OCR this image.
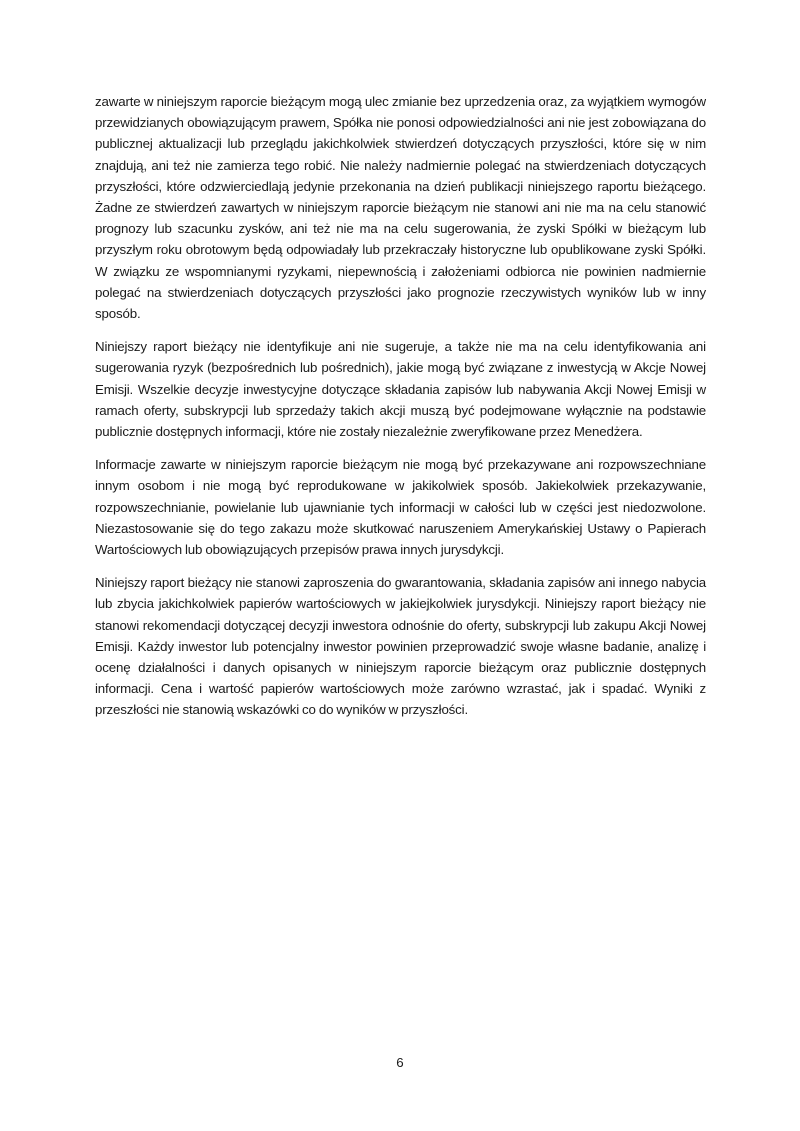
zawarte w niniejszym raporcie bieżącym mogą ulec zmianie bez uprzedzenia oraz, za wyjątkiem wymogów przewidzianych obowiązującym prawem, Spółka nie ponosi odpowiedzialności ani nie jest zobowiązana do publicznej aktualizacji lub przeglądu jakichkolwiek stwierdzeń dotyczących przyszłości, które się w nim znajdują, ani też nie zamierza tego robić. Nie należy nadmiernie polegać na stwierdzeniach dotyczących przyszłości, które odzwierciedlają jedynie przekonania na dzień publikacji niniejszego raportu bieżącego. Żadne ze stwierdzeń zawartych w niniejszym raporcie bieżącym nie stanowi ani nie ma na celu stanowić prognozy lub szacunku zysków, ani też nie ma na celu sugerowania, że zyski Spółki w bieżącym lub przyszłym roku obrotowym będą odpowiadały lub przekraczały historyczne lub opublikowane zyski Spółki. W związku ze wspomnianymi ryzykami, niepewnością i założeniami odbiorca nie powinien nadmiernie polegać na stwierdzeniach dotyczących przyszłości jako prognozie rzeczywistych wyników lub w inny sposób.

Niniejszy raport bieżący nie identyfikuje ani nie sugeruje, a także nie ma na celu identyfikowania ani sugerowania ryzyk (bezpośrednich lub pośrednich), jakie mogą być związane z inwestycją w Akcje Nowej Emisji. Wszelkie decyzje inwestycyjne dotyczące składania zapisów lub nabywania Akcji Nowej Emisji w ramach oferty, subskrypcji lub sprzedaży takich akcji muszą być podejmowane wyłącznie na podstawie publicznie dostępnych informacji, które nie zostały niezależnie zweryfikowane przez Menedżera.

Informacje zawarte w niniejszym raporcie bieżącym nie mogą być przekazywane ani rozpowszechniane innym osobom i nie mogą być reprodukowane w jakikolwiek sposób. Jakiekolwiek przekazywanie, rozpowszechnianie, powielanie lub ujawnianie tych informacji w całości lub w części jest niedozwolone. Niezastosowanie się do tego zakazu może skutkować naruszeniem Amerykańskiej Ustawy o Papierach Wartościowych lub obowiązujących przepisów prawa innych jurysdykcji.

Niniejszy raport bieżący nie stanowi zaproszenia do gwarantowania, składania zapisów ani innego nabycia lub zbycia jakichkolwiek papierów wartościowych w jakiejkolwiek jurysdykcji. Niniejszy raport bieżący nie stanowi rekomendacji dotyczącej decyzji inwestora odnośnie do oferty, subskrypcji lub zakupu Akcji Nowej Emisji. Każdy inwestor lub potencjalny inwestor powinien przeprowadzić swoje własne badanie, analizę i ocenę działalności i danych opisanych w niniejszym raporcie bieżącym oraz publicznie dostępnych informacji. Cena i wartość papierów wartościowych może zarówno wzrastać, jak i spadać. Wyniki z przeszłości nie stanowią wskazówki co do wyników w przyszłości.

6
